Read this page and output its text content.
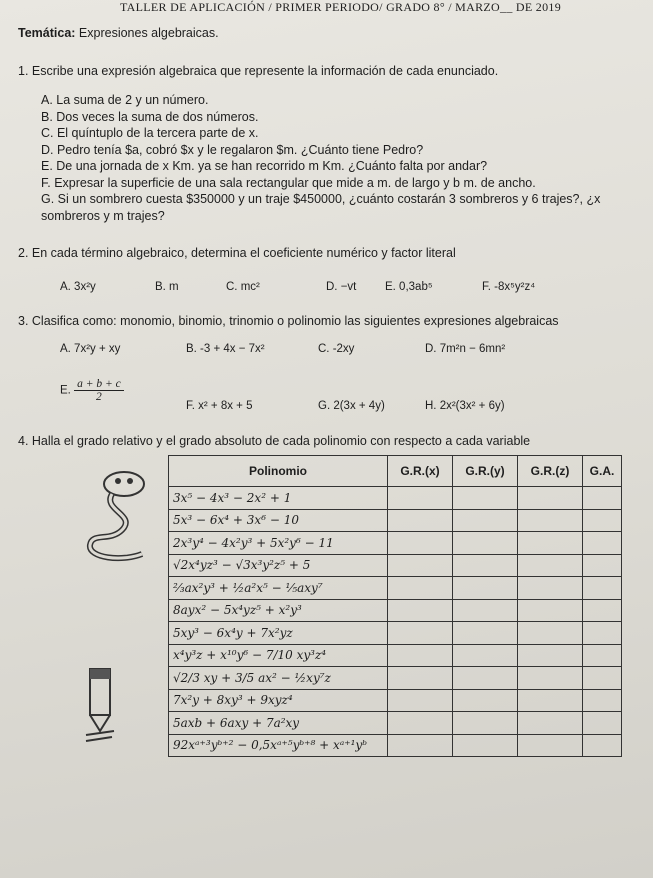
TALLER DE APLICACIÓN / PRIMER PERIODO/ GRADO 8° / MARZO__ DE 2019
Temática: Expresiones algebraicas.
1. Escribe una expresión algebraica que represente la información de cada enunciado.
A. La suma de 2 y un número.
B. Dos veces la suma de dos números.
C. El quíntuplo de la tercera parte de x.
D. Pedro tenía $a, cobró $x y le regalaron $m. ¿Cuánto tiene Pedro?
E. De una jornada de x Km. ya se han recorrido m Km. ¿Cuánto falta por andar?
F. Expresar la superficie de una sala rectangular que mide a m. de largo y b m. de ancho.
G. Si un sombrero cuesta $350000 y un traje $450000, ¿cuánto costarán 3 sombreros y 6 trajes?, ¿x
sombreros y m trajes?
2. En cada término algebraico, determina el coeficiente numérico y factor literal
A. 3x²y	B. m	C. mc²	D. −vt E. 0,3ab⁵	F. -8x⁵y²z⁴
3. Clasifica como: monomio, binomio, trinomio o polinomio las siguientes expresiones algebraicas
A. 7x²y + xy	B. -3 + 4x − 7x²	C. -2xy	D. 7m²n − 6mn²
E. $\frac{a + b + c}{2}$
F. x² + 8x + 5	G. 2(3x + 4y)	H. 2x²(3x² + 6y)
4. Halla el grado relativo y el grado absoluto de cada polinomio con respecto a cada variable
Polinomio	G.R.(x)	G.R.(y)	G.R.(z)	G.A.
3x⁵ − 4x³ − 2x² + 1				
5x³ − 6x⁴ + 3x⁶ − 10				
2x³y⁴ − 4x²y³ + 5x²y⁶ − 11				
√2x⁴yz³ − √3x³y²z⁵ + 5				
⅔ax²y³ + ½a²x⁵ − ⅕axy⁷				
8ayx² − 5x⁴yz⁵ + x²y³				
5xy³ − 6x⁴y + 7x²yz				
x⁴y³z + x¹⁰y⁶ − 7/10 xy³z⁴				
√2/3 xy + 3/5 ax² − ½xy⁷z				
7x²y + 8xy³ + 9xyz⁴				
5axb + 6axy + 7a²xy				
92xᵃ⁺³yᵇ⁺² − 0,5xᵃ⁺⁵yᵇ⁺⁸ + xᵃ⁺¹yᵇ				
